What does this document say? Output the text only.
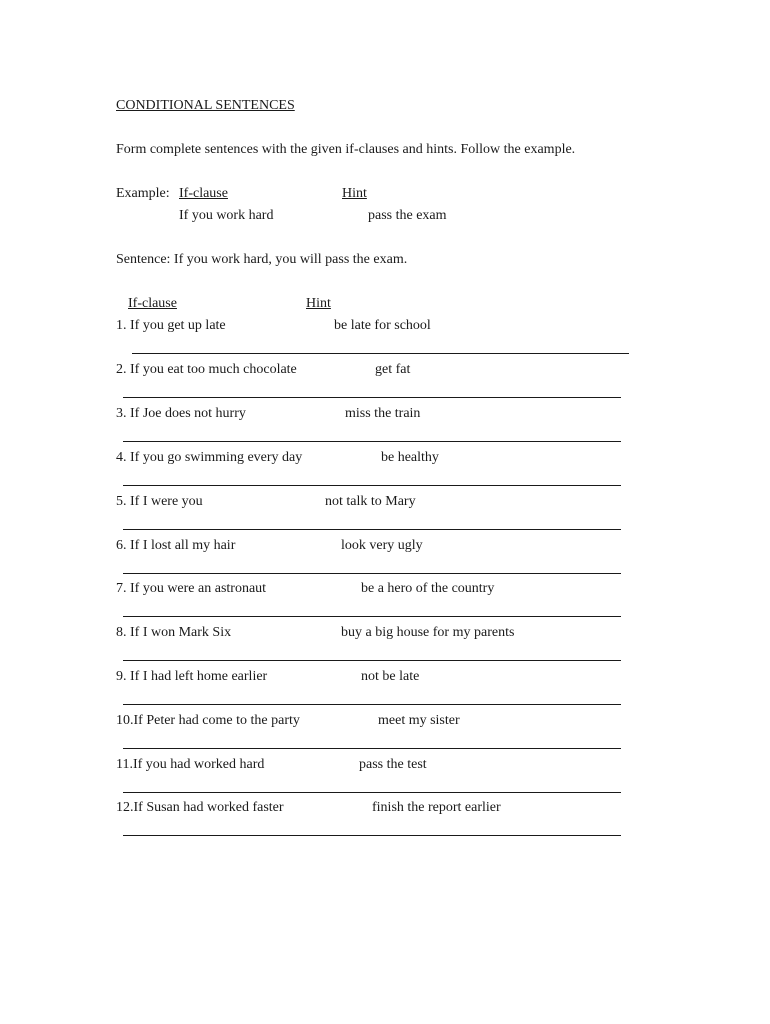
CONDITIONAL SENTENCES
Form complete sentences with the given if-clauses and hints. Follow the example.
Example: If-clause	Hint
If you work hard	pass the exam
Sentence: If you work hard, you will pass the exam.
If-clause	Hint
1. If you get up late	be late for school
2. If you eat too much chocolate	get fat
3. If Joe does not hurry	miss the train
4. If you go swimming every day	be healthy
5. If I were you	not talk to Mary
6. If I lost all my hair	look very ugly
7. If you were an astronaut	be a hero of the country
8. If I won Mark Six	buy a big house for my parents
9. If I had left home earlier	not be late
10.If Peter had come to the party	meet my sister
11.If you had worked hard	pass the test
12.If Susan had worked faster	finish the report earlier
